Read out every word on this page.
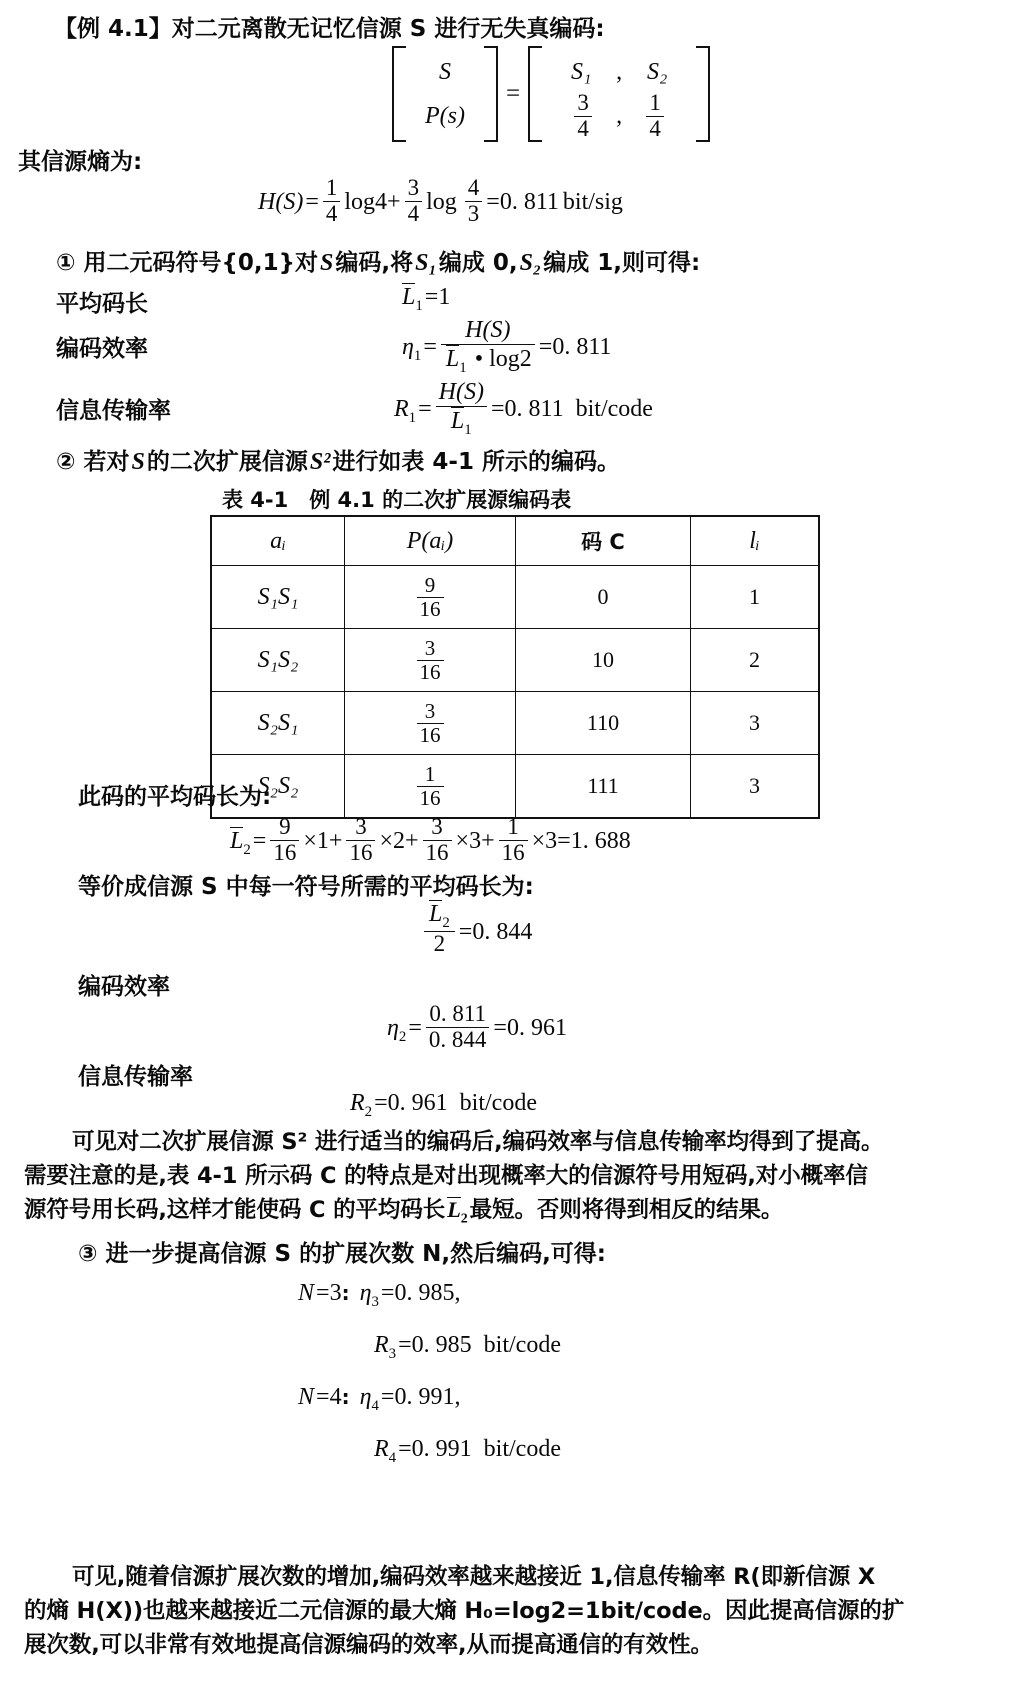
【例 4.1】对二元离散无记忆信源 S 进行无失真编码:
S
P(s)
=
S₁	,	S₂
$\frac{3}{4}$ , $\frac{1}{4}$
其信源熵为:
$H(S)= \frac{1}{4} \log 4+ \frac{3}{4}$ $\log \frac{4}{3} =0$. 811 bit/sig
① 用二元码符号{0,1}对S编码,将S₁编成 0,S₂编成 1,则可得:
平均码长	$L_1=1$
编码效率	$\eta_1= \frac{H(S)}{L_1 • \log 2} =0$. 811
信息传输率	$R_1= \frac{H(S)}{L_1} =0$. 811 bit/code
② 若对S的二次扩展信源S²进行如表 4-1 所示的编码。
表 4-1　例 4.1 的二次扩展源编码表
aᵢ	P(aᵢ)	码 C	lᵢ
S₁S₁	$\frac{9}{16}$	0	1
S₁S₂	$\frac{3}{16}$	10	2
S₂S₁	$\frac{3}{16}$	110	3
S₂S₂	$\frac{1}{16}$	111	3
此码的平均码长为:
$L_2= \frac{9}{16} \times 1+ \frac{3}{16} \times 2+ \frac{3}{16} \times 3+ \frac{1}{16} \times 3=1$. 688
等价成信源 S 中每一符号所需的平均码长为:
$\frac{L_2}{2} =0$. 844
编码效率
$\eta_2= \frac{0. 811}{0. 844} =0$. 961
信息传输率
$R_2=0$. 961 bit/code
可见对二次扩展信源 S² 进行适当的编码后,编码效率与信息传输率均得到了提高。
需要注意的是,表 4-1 所示码 C 的特点是对出现概率大的信源符号用短码,对小概率信
源符号用长码,这样才能使码 C 的平均码长$L_2$最短。否则将得到相反的结果。
③ 进一步提高信源 S 的扩展次数 N,然后编码,可得:
N=3: $\eta_3=0$. 985,
$R_3=0$. 985 bit/code
N=4: $\eta_4=0$. 991,
$R_4=0$. 991 bit/code
可见,随着信源扩展次数的增加,编码效率越来越接近 1,信息传输率 R(即新信源 X
的熵 H(X))也越来越接近二元信源的最大熵 H₀=log2=1bit/code。因此提高信源的扩
展次数,可以非常有效地提高信源编码的效率,从而提高通信的有效性。
